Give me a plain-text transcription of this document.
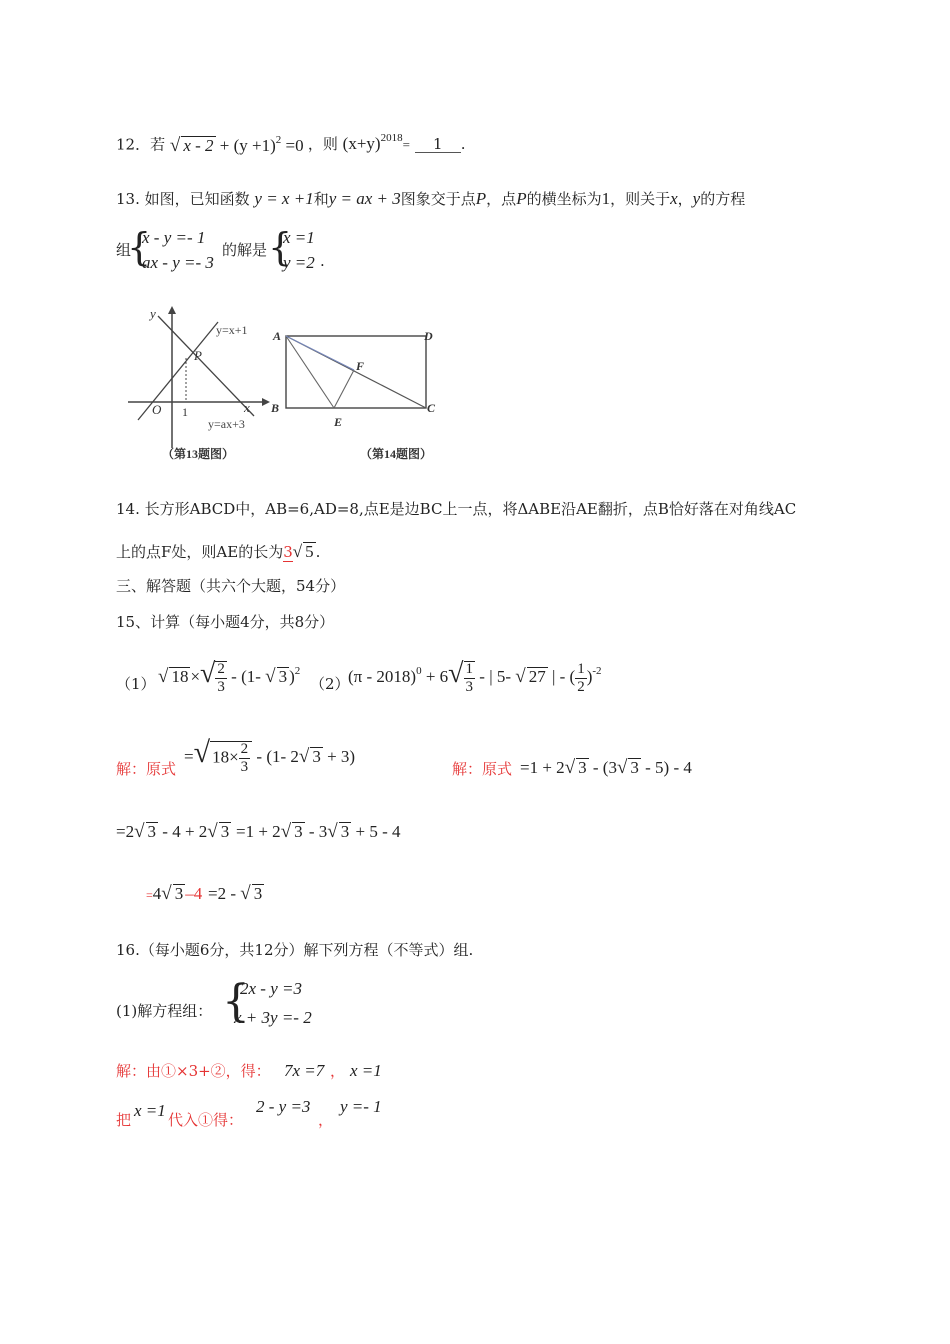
12．若 √ $x - 2 + (y +1)^2 =0$ ，则 $(x+y)^{2018}= 1$ .
13. 如图，已知函数 y = x +1和y = ax + 3图象交于点P，点P的横坐标为1，则关于x，y的方程
组
{
x - y =- 1
ax - y =- 3
的解是 {
x =1
y =2 .
y
x
O 1
P
y=x+1
y=ax+3
（第13题图）
A	D
B	C
E
F
（第14题图）
14. 长方形ABCD中，AB=6,AD=8,点E是边BC上一点，将ΔABE沿AE翻折，点B恰好落在对角线AC
上的点F处，则AE的长为3√ 5 .
三、解答题（共六个大题，54分）
15、计算（每小题4分，共8分）
（1） √ 18 ×√ $\frac{2}{3} - (1-$ √ 3 )$^2$
（2）
$(\pi - 2018)^0 + 6√ \frac{1}{3}$ - | 5- √ 27 | - ( $\frac{1}{2} )^{-2}$
解：原式
=√ $18\times \frac{2}{3} - (1-$ 2√ 3 + 3)
解：原式 =1 + 2√ 3 - (3√ 3 - 5) - 4
=2√ 3 - 4 + 2√ 3 =1 + 2√ 3 - 3√ 3 + 5 - 4
=4√ 3 –4 =2 - √ 3
16.（每小题6分，共12分）解下列方程（不等式）组.
(1)解方程组： {
2x - y =3
x + 3y =- 2
解：由①×3+②，得： 7x =7 ， x =1
把 x =1 代入①得：
2 - y =3
，
y =- 1
